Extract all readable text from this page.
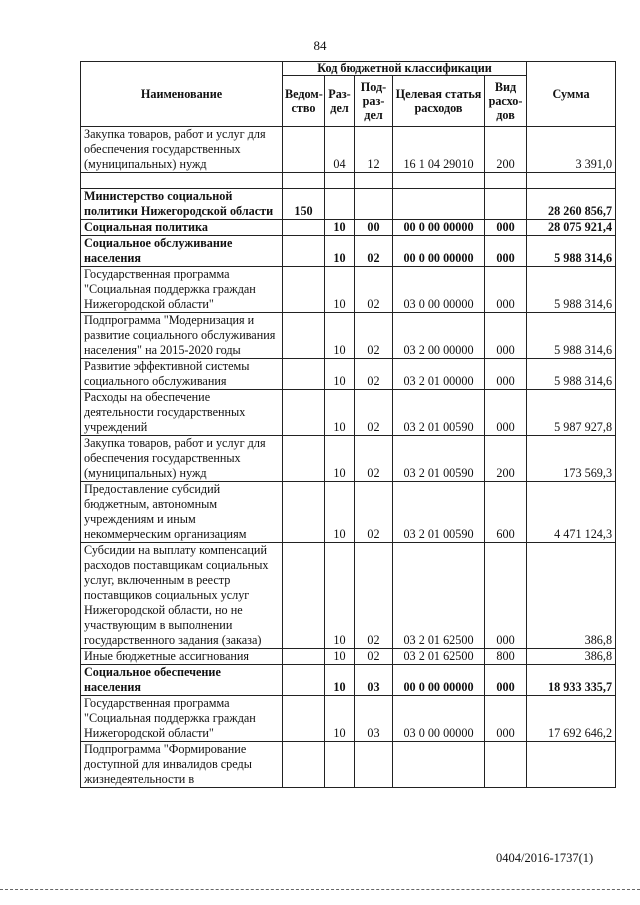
84
Наименование	Код бюджетной классификации					Сумма
	Ведом-ство	Раз-дел	Под-раз-дел	Целевая статья расходов	Вид расхо-дов	
Закупка товаров, работ и услуг для обеспечения государственных (муниципальных) нужд		04	12	16 1 04 29010	200	3 391,0

Министерство социальной политики Нижегородской области	150					28 260 856,7
Социальная политика		10	00	00 0 00 00000	000	28 075 921,4
Социальное обслуживание населения		10	02	00 0 00 00000	000	5 988 314,6
Государственная программа "Социальная поддержка граждан Нижегородской области"		10	02	03 0 00 00000	000	5 988 314,6
Подпрограмма "Модернизация и развитие социального обслуживания населения" на 2015-2020 годы		10	02	03 2 00 00000	000	5 988 314,6
Развитие эффективной системы социального обслуживания		10	02	03 2 01 00000	000	5 988 314,6
Расходы на обеспечение деятельности государственных учреждений		10	02	03 2 01 00590	000	5 987 927,8
Закупка товаров, работ и услуг для обеспечения государственных (муниципальных) нужд		10	02	03 2 01 00590	200	173 569,3
Предоставление субсидий бюджетным, автономным учреждениям и иным некоммерческим организациям		10	02	03 2 01 00590	600	4 471 124,3
Субсидии на выплату компенсаций расходов поставщикам социальных услуг, включенным в реестр поставщиков социальных услуг Нижегородской области, но не участвующим в выполнении государственного задания (заказа)		10	02	03 2 01 62500	000	386,8
Иные бюджетные ассигнования		10	02	03 2 01 62500	800	386,8
Социальное обеспечение населения		10	03	00 0 00 00000	000	18 933 335,7
Государственная программа "Социальная поддержка граждан Нижегородской области"		10	03	03 0 00 00000	000	17 692 646,2
Подпрограмма "Формирование доступной для инвалидов среды жизнедеятельности в						
0404/2016-1737(1)
